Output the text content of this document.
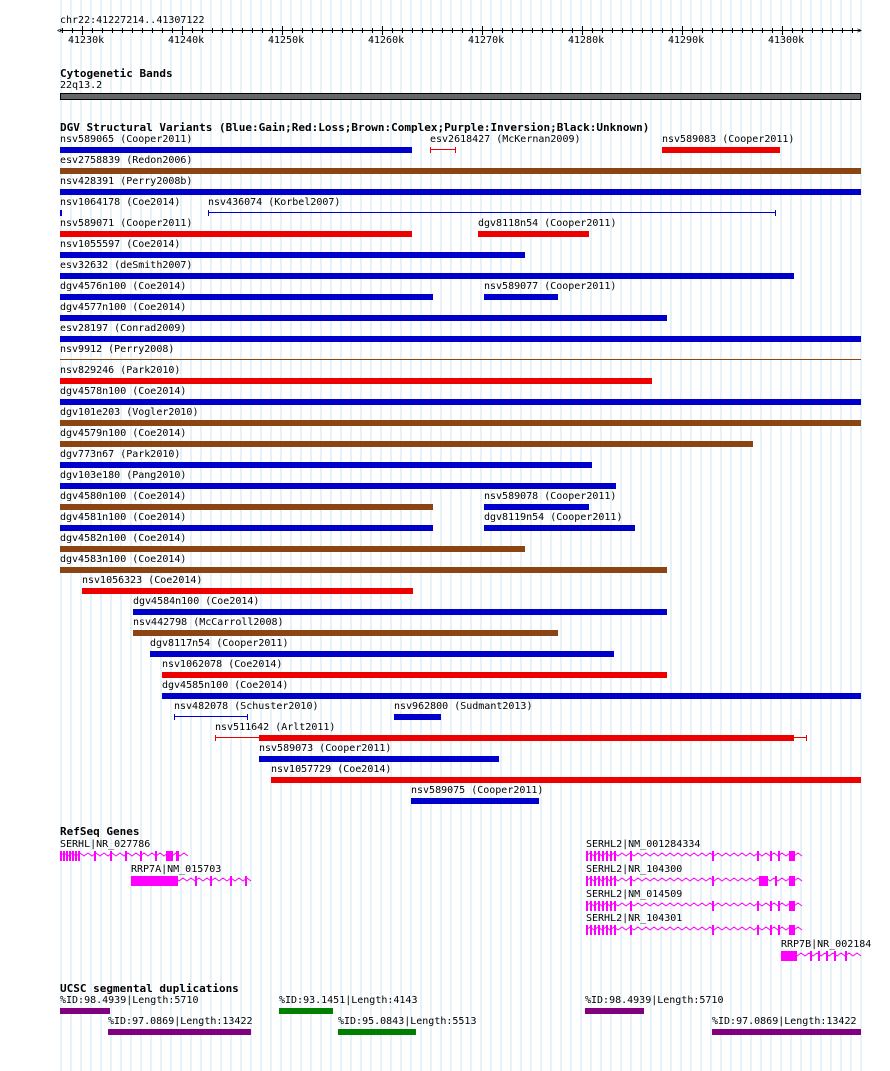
chr22:41227214..41307122
<	>
41230k	41240k	41250k	41260k	41270k	41280k	41290k	41300k
Cytogenetic Bands
22q13.2
DGV Structural Variants (Blue:Gain;Red:Loss;Brown:Complex;Purple:Inversion;Black:Unknown)
nsv589065 (Cooper2011)	esv2618427 (McKernan2009)	nsv589083 (Cooper2011)
esv2758839 (Redon2006)
nsv428391 (Perry2008b)
nsv1064178 (Coe2014)	nsv436074 (Korbel2007)
nsv589071 (Cooper2011)	dgv8118n54 (Cooper2011)
nsv1055597 (Coe2014)
esv32632 (deSmith2007)
dgv4576n100 (Coe2014)	nsv589077 (Cooper2011)
dgv4577n100 (Coe2014)
esv28197 (Conrad2009)
nsv9912 (Perry2008)
nsv829246 (Park2010)
dgv4578n100 (Coe2014)
dgv101e203 (Vogler2010)
dgv4579n100 (Coe2014)
dgv773n67 (Park2010)
dgv103e180 (Pang2010)
dgv4580n100 (Coe2014)	nsv589078 (Cooper2011)
dgv4581n100 (Coe2014)	dgv8119n54 (Cooper2011)
dgv4582n100 (Coe2014)
dgv4583n100 (Coe2014)
nsv1056323 (Coe2014)
dgv4584n100 (Coe2014)
nsv442798 (McCarroll2008)
dgv8117n54 (Cooper2011)
nsv1062078 (Coe2014)
dgv4585n100 (Coe2014)
nsv482078 (Schuster2010)	nsv962800 (Sudmant2013)
nsv511642 (Arlt2011)
nsv589073 (Cooper2011)
nsv1057729 (Coe2014)
nsv589075 (Cooper2011)
RefSeq Genes
SERHL|NR_027786
RRP7A|NM_015703
SERHL2|NM_001284334
SERHL2|NR_104300
SERHL2|NM_014509
SERHL2|NR_104301
RRP7B|NR_002184
UCSC segmental duplications
%ID:98.4939|Length:5710
%ID:97.0869|Length:13422
%ID:93.1451|Length:4143
%ID:95.0843|Length:5513
%ID:98.4939|Length:5710
%ID:97.0869|Length:13422
